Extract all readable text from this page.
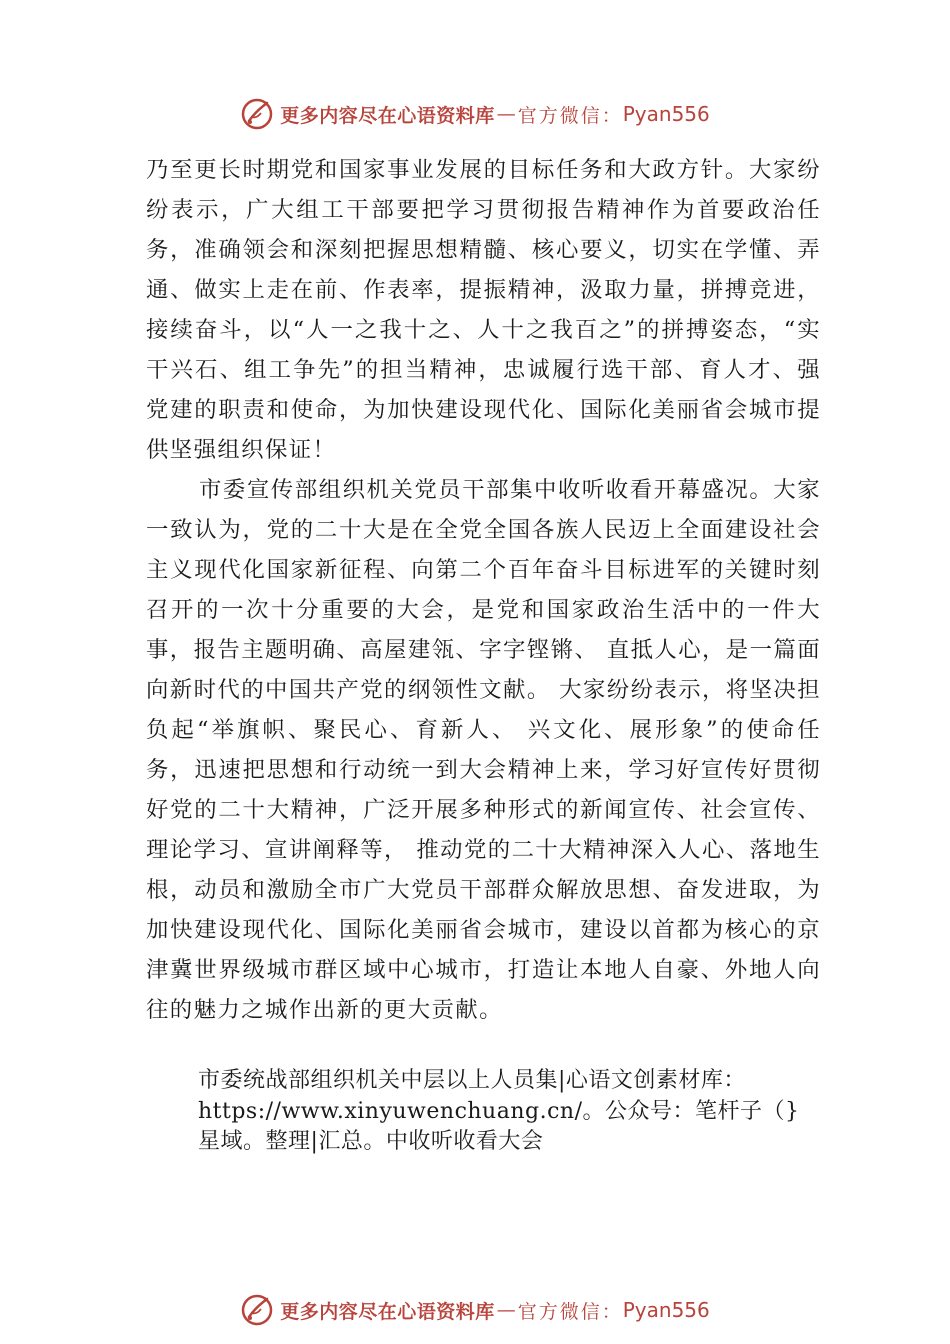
更多内容尽在心语资料库 — 官方微信： Pyan556

乃至更长时期党和国家事业发展的目标任务和大政方针。大家纷纷表示，广大组工干部要把学习贯彻报告精神作为首要政治任务，准确领会和深刻把握思想精髓、核心要义，切实在学懂、弄通、做实上走在前、作表率，提振精神，汲取力量，拼搏竞进，接续奋斗，以“人一之我十之、人十之我百之”的拼搏姿态，“实干兴石、组工争先”的担当精神，忠诚履行选干部、育人才、强党建的职责和使命，为加快建设现代化、国际化美丽省会城市提供坚强组织保证！

市委宣传部组织机关党员干部集中收听收看开幕盛况。大家一致认为，党的二十大是在全党全国各族人民迈上全面建设社会主义现代化国家新征程、向第二个百年奋斗目标进军的关键时刻召开的一次十分重要的大会，是党和国家政治生活中的一件大事，报告主题明确、高屋建瓴、字字铿锵、 直抵人心，是一篇面向新时代的中国共产党的纲领性文献。 大家纷纷表示，将坚决担负起“举旗帜、聚民心、育新人、 兴文化、展形象”的使命任务，迅速把思想和行动统一到大会精神上来，学习好宣传好贯彻好党的二十大精神，广泛开展多种形式的新闻宣传、社会宣传、理论学习、宣讲阐释等， 推动党的二十大精神深入人心、落地生根，动员和激励全市广大党员干部群众解放思想、奋发进取，为加快建设现代化、国际化美丽省会城市，建设以首都为核心的京津冀世界级城市群区域中心城市，打造让本地人自豪、外地人向往的魅力之城作出新的更大贡献。

市委统战部组织机关中层以上人员集|心语文创素材库：

https://www.xinyuwenchuang.cn/。公众号：笔杆子（}

星域。整理|汇总。中收听收看大会

更多内容尽在心语资料库 — 官方微信： Pyan556
